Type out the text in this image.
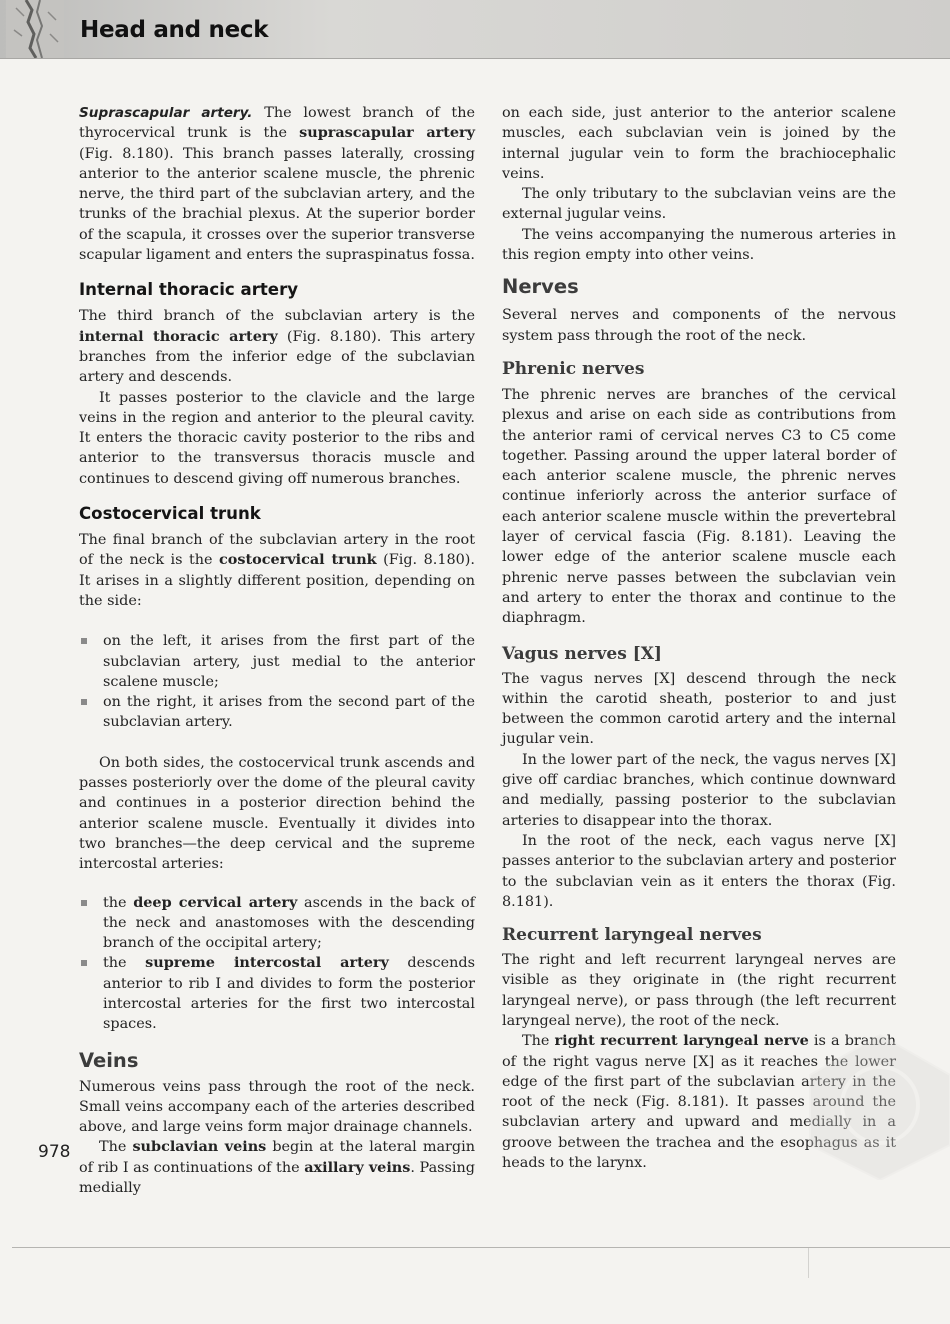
Head and neck

Suprascapular artery. The lowest branch of the thyrocervical trunk is the suprascapular artery (Fig. 8.180). This branch passes laterally, crossing anterior to the anterior scalene muscle, the phrenic nerve, the third part of the subclavian artery, and the trunks of the brachial plexus. At the superior border of the scapula, it crosses over the superior transverse scapular ligament and enters the supraspinatus fossa.

Internal thoracic artery

The third branch of the subclavian artery is the internal thoracic artery (Fig. 8.180). This artery branches from the inferior edge of the subclavian artery and descends.

It passes posterior to the clavicle and the large veins in the region and anterior to the pleural cavity. It enters the thoracic cavity posterior to the ribs and anterior to the transversus thoracis muscle and continues to descend giving off numerous branches.

Costocervical trunk

The final branch of the subclavian artery in the root of the neck is the costocervical trunk (Fig. 8.180). It arises in a slightly different position, depending on the side:

on the left, it arises from the first part of the subclavian artery, just medial to the anterior scalene muscle;
on the right, it arises from the second part of the subclavian artery.

On both sides, the costocervical trunk ascends and passes posteriorly over the dome of the pleural cavity and continues in a posterior direction behind the anterior scalene muscle. Eventually it divides into two branches—the deep cervical and the supreme intercostal arteries:

the deep cervical artery ascends in the back of the neck and anastomoses with the descending branch of the occipital artery;
the supreme intercostal artery descends anterior to rib I and divides to form the posterior intercostal arteries for the first two intercostal spaces.
Veins

Numerous veins pass through the root of the neck. Small veins accompany each of the arteries described above, and large veins form major drainage channels.

The subclavian veins begin at the lateral margin of rib I as continuations of the axillary veins. Passing medially

on each side, just anterior to the anterior scalene muscles, each subclavian vein is joined by the internal jugular vein to form the brachiocephalic veins.

The only tributary to the subclavian veins are the external jugular veins.

The veins accompanying the numerous arteries in this region empty into other veins.

Nerves

Several nerves and components of the nervous system pass through the root of the neck.

Phrenic nerves

The phrenic nerves are branches of the cervical plexus and arise on each side as contributions from the anterior rami of cervical nerves C3 to C5 come together. Passing around the upper lateral border of each anterior scalene muscle, the phrenic nerves continue inferiorly across the anterior surface of each anterior scalene muscle within the prevertebral layer of cervical fascia (Fig. 8.181). Leaving the lower edge of the anterior scalene muscle each phrenic nerve passes between the subclavian vein and artery to enter the thorax and continue to the diaphragm.

Vagus nerves [X]

The vagus nerves [X] descend through the neck within the carotid sheath, posterior to and just between the common carotid artery and the internal jugular vein.

In the lower part of the neck, the vagus nerves [X] give off cardiac branches, which continue downward and medially, passing posterior to the subclavian arteries to disappear into the thorax.

In the root of the neck, each vagus nerve [X] passes anterior to the subclavian artery and posterior to the subclavian vein as it enters the thorax (Fig. 8.181).

Recurrent laryngeal nerves

The right and left recurrent laryngeal nerves are visible as they originate in (the right recurrent laryngeal nerve), or pass through (the left recurrent laryngeal nerve), the root of the neck.

The right recurrent laryngeal nerve is a branch of the right vagus nerve [X] as it reaches the lower edge of the first part of the subclavian artery in the root of the neck (Fig. 8.181). It passes around the subclavian artery and upward and medially in a groove between the trachea and the esophagus as it heads to the larynx.

978
